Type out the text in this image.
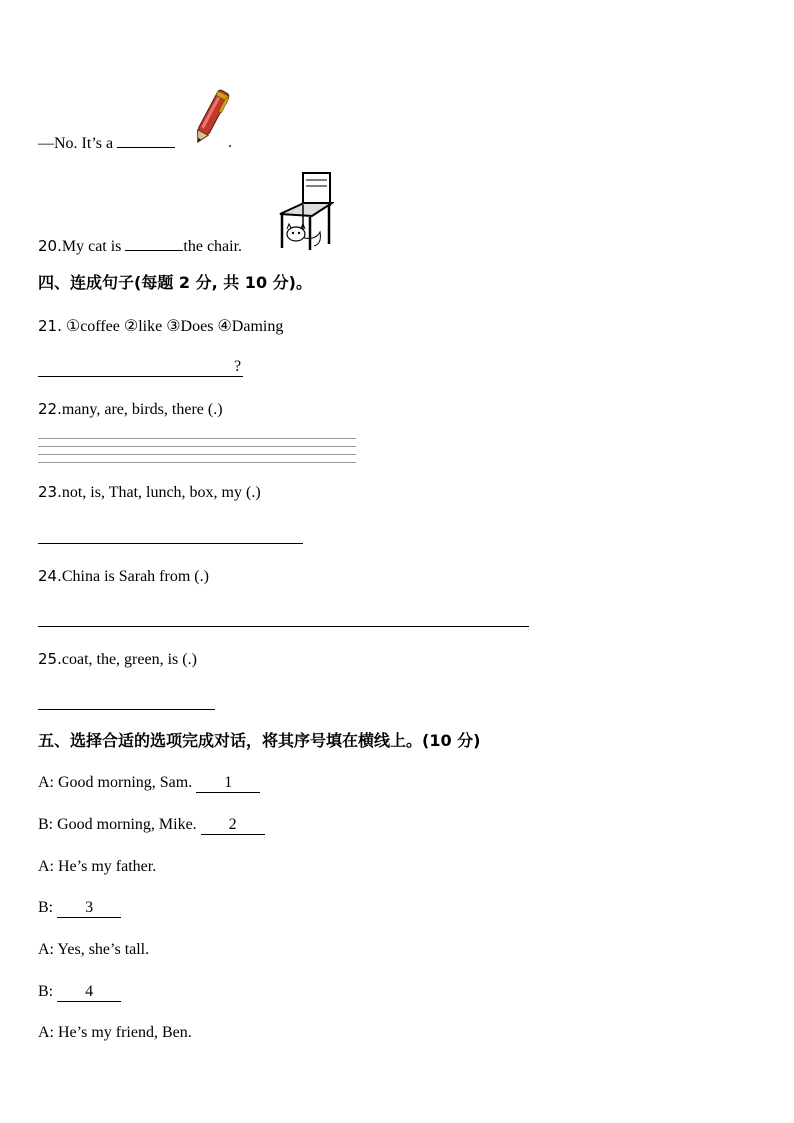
—No. It’s a	.
20.My cat is	the chair.
四、连成句子(每题 2 分, 共 10 分)。
21. ①coffee ②like ③Does ④Daming
?
22.many, are, birds, there (.)
23.not, is, That, lunch, box, my (.)
24.China is Sarah from (.)
25.coat, the, green, is (.)
五、选择合适的选项完成对话，将其序号填在横线上。(10 分)
A: Good morning, Sam. 1
B: Good morning, Mike. 2
A: He’s my father.
B: 3
A: Yes, she’s tall.
B: 4
A: He’s my friend, Ben.
